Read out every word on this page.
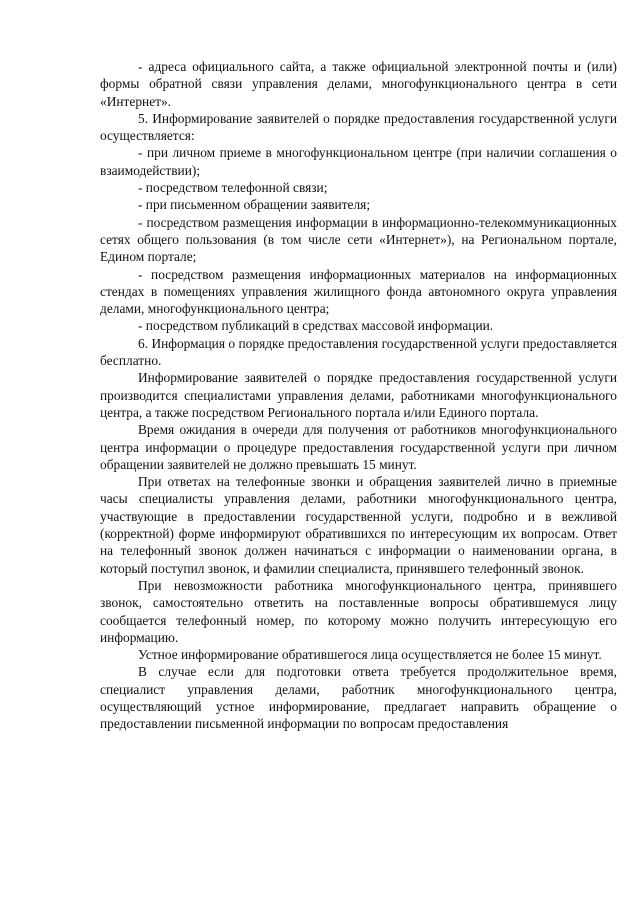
- адреса официального сайта, а также официальной электронной почты и (или) формы обратной связи управления делами, многофункционального центра в сети «Интернет».

5. Информирование заявителей о порядке предоставления государственной услуги осуществляется:

- при личном приеме в многофункциональном центре (при наличии соглашения о взаимодействии);

- посредством телефонной связи;

- при письменном обращении заявителя;

- посредством размещения информации в информационно-телекоммуникационных сетях общего пользования (в том числе сети «Интернет»), на Региональном портале, Едином портале;

- посредством размещения информационных материалов на информационных стендах в помещениях управления жилищного фонда автономного округа управления делами, многофункционального центра;

- посредством публикаций в средствах массовой информации.

6. Информация о порядке предоставления государственной услуги предоставляется бесплатно.

Информирование заявителей о порядке предоставления государственной услуги производится специалистами управления делами, работниками многофункционального центра, а также посредством Регионального портала и/или Единого портала.

Время ожидания в очереди для получения от работников многофункционального центра информации о процедуре предоставления государственной услуги при личном обращении заявителей не должно превышать 15 минут.

При ответах на телефонные звонки и обращения заявителей лично в приемные часы специалисты управления делами, работники многофункционального центра, участвующие в предоставлении государственной услуги, подробно и в вежливой (корректной) форме информируют обратившихся по интересующим их вопросам. Ответ на телефонный звонок должен начинаться с информации о наименовании органа, в который поступил звонок, и фамилии специалиста, принявшего телефонный звонок.

При невозможности работника многофункционального центра, принявшего звонок, самостоятельно ответить на поставленные вопросы обратившемуся лицу сообщается телефонный номер, по которому можно получить интересующую его информацию.

Устное информирование обратившегося лица осуществляется не более 15 минут.

В случае если для подготовки ответа требуется продолжительное время, специалист управления делами, работник многофункционального центра, осуществляющий устное информирование, предлагает направить обращение о предоставлении письменной информации по вопросам предоставления
